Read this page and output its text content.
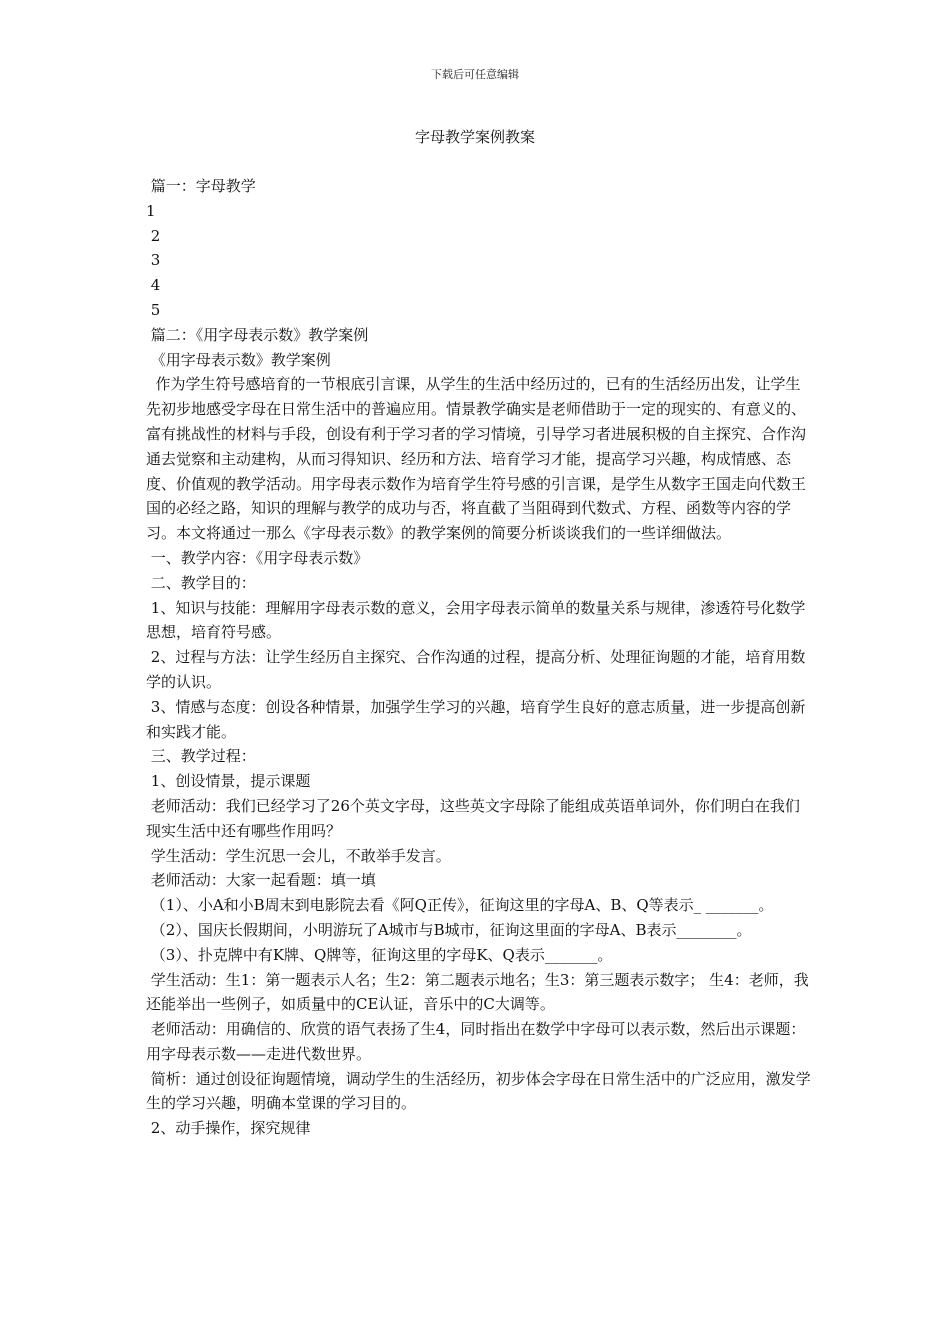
下载后可任意编辑
字母教学案例教案

篇一：字母教学

1

2

3

4

5

篇二：《用字母表示数》教学案例

《用字母表示数》教学案例

作为学生符号感培育的一节根底引言课，从学生的生活中经历过的，已有的生活经历出发，让学生先初步地感受字母在日常生活中的普遍应用。情景教学确实是老师借助于一定的现实的、有意义的、富有挑战性的材料与手段，创设有利于学习者的学习情境，引导学习者进展积极的自主探究、合作沟通去觉察和主动建构，从而习得知识、经历和方法、培育学习才能，提高学习兴趣，构成情感、态度、价值观的教学活动。用字母表示数作为培育学生符号感的引言课，是学生从数字王国走向代数王国的必经之路，知识的理解与教学的成功与否，将直截了当阻碍到代数式、方程、函数等内容的学习。本文将通过一那么《字母表示数》的教学案例的简要分析谈谈我们的一些详细做法。

一、教学内容：《用字母表示数》

二、教学目的：

1、知识与技能：理解用字母表示数的意义，会用字母表示简单的数量关系与规律，渗透符号化数学思想，培育符号感。

2、过程与方法：让学生经历自主探究、合作沟通的过程，提高分析、处理征询题的才能，培育用数学的认识。

3、情感与态度：创设各种情景，加强学生学习的兴趣，培育学生良好的意志质量，进一步提高创新和实践才能。

三、教学过程：

1、创设情景，提示课题

老师活动：我们已经学习了26个英文字母，这些英文字母除了能组成英语单词外，你们明白在我们现实生活中还有哪些作用吗？

学生活动：学生沉思一会儿，不敢举手发言。

老师活动：大家一起看题：填一填

（1）、小A和小B周末到电影院去看《阿Q正传》，征询这里的字母A、B、Q等表示_ _______。

（2）、国庆长假期间，小明游玩了A城市与B城市，征询这里面的字母A、B表示________。

（3）、扑克牌中有K牌、Q牌等，征询这里的字母K、Q表示_______。

学生活动：生1：第一题表示人名；生2：第二题表示地名；生3：第三题表示数字； 生4：老师，我还能举出一些例子，如质量中的CE认证，音乐中的C大调等。

老师活动：用确信的、欣赏的语气表扬了生4，同时指出在数学中字母可以表示数，然后出示课题：用字母表示数——走进代数世界。

简析：通过创设征询题情境，调动学生的生活经历，初步体会字母在日常生活中的广泛应用，激发学生的学习兴趣，明确本堂课的学习目的。

2、动手操作，探究规律
